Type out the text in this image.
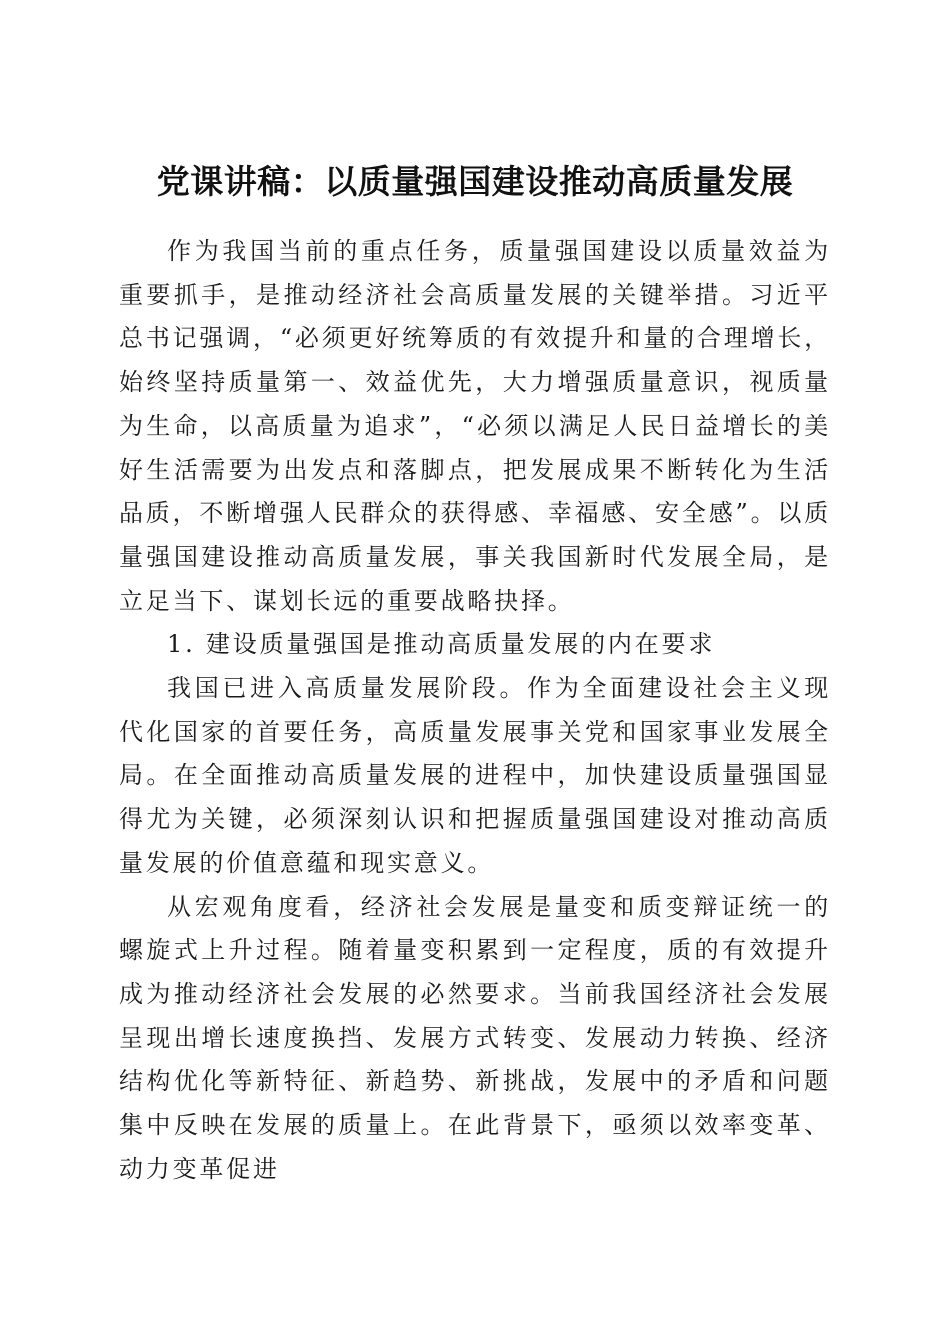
党课讲稿：以质量强国建设推动高质量发展

作为我国当前的重点任务，质量强国建设以质量效益为重要抓手，是推动经济社会高质量发展的关键举措。习近平总书记强调，“必须更好统筹质的有效提升和量的合理增长，始终坚持质量第一、效益优先，大力增强质量意识，视质量为生命，以高质量为追求”，“必须以满足人民日益增长的美好生活需要为出发点和落脚点，把发展成果不断转化为生活品质，不断增强人民群众的获得感、幸福感、安全感”。以质量强国建设推动高质量发展，事关我国新时代发展全局，是立足当下、谋划长远的重要战略抉择。

1. 建设质量强国是推动高质量发展的内在要求

我国已进入高质量发展阶段。作为全面建设社会主义现代化国家的首要任务，高质量发展事关党和国家事业发展全局。在全面推动高质量发展的进程中，加快建设质量强国显得尤为关键，必须深刻认识和把握质量强国建设对推动高质量发展的价值意蕴和现实意义。

从宏观角度看，经济社会发展是量变和质变辩证统一的螺旋式上升过程。随着量变积累到一定程度，质的有效提升成为推动经济社会发展的必然要求。当前我国经济社会发展呈现出增长速度换挡、发展方式转变、发展动力转换、经济结构优化等新特征、新趋势、新挑战，发展中的矛盾和问题集中反映在发展的质量上。在此背景下，亟须以效率变革、动力变革促进
